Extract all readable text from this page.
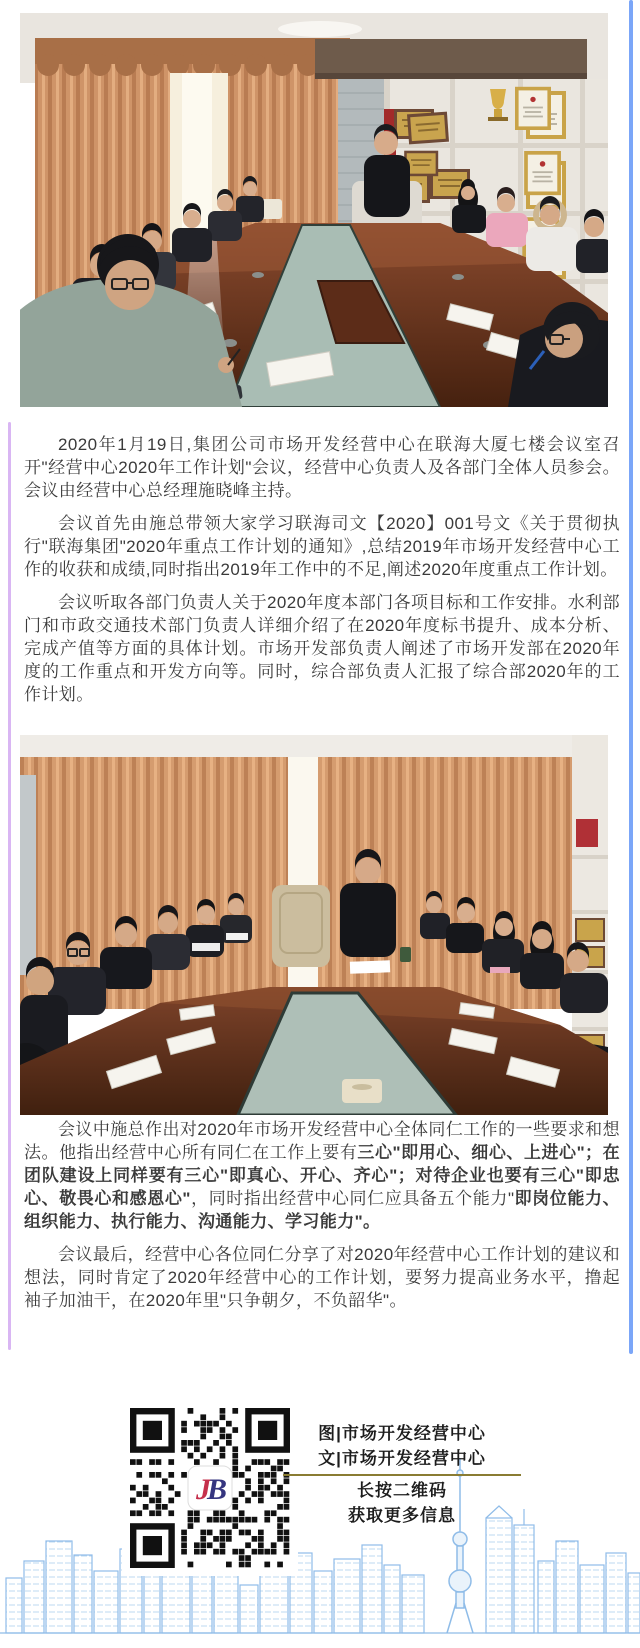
2020年1月19日,集团公司市场开发经营中心在联海大厦七楼会议室召开"经营中心2020年工作计划"会议，经营中心负责人及各部门全体人员参会。会议由经营中心总经理施晓峰主持。

会议首先由施总带领大家学习联海司文【2020】001号文《关于贯彻执行"联海集团"2020年重点工作计划的通知》,总结2019年市场开发经营中心工作的收获和成绩,同时指出2019年工作中的不足,阐述2020年度重点工作计划。

会议听取各部门负责人关于2020年度本部门各项目标和工作安排。水利部门和市政交通技术部门负责人详细介绍了在2020年度标书提升、成本分析、完成产值等方面的具体计划。市场开发部负责人阐述了市场开发部在2020年度的工作重点和开发方向等。同时，综合部负责人汇报了综合部2020年的工作计划。

会议中施总作出对2020年市场开发经营中心全体同仁工作的一些要求和想法。他指出经营中心所有同仁在工作上要有三心"即用心、细心、上进心"；在团队建设上同样要有三心"即真心、开心、齐心"；对待企业也要有三心"即忠心、敬畏心和感恩心"，同时指出经营中心同仁应具备五个能力"即岗位能力、组织能力、执行能力、沟通能力、学习能力"。

会议最后，经营中心各位同仁分享了对2020年经营中心工作计划的建议和想法，同时肯定了2020年经营中心的工作计划，要努力提高业务水平，撸起袖子加油干，在2020年里"只争朝夕，不负韶华"。

J
B
图|市场开发经营中心
文|市场开发经营中心
长按二维码
获取更多信息
